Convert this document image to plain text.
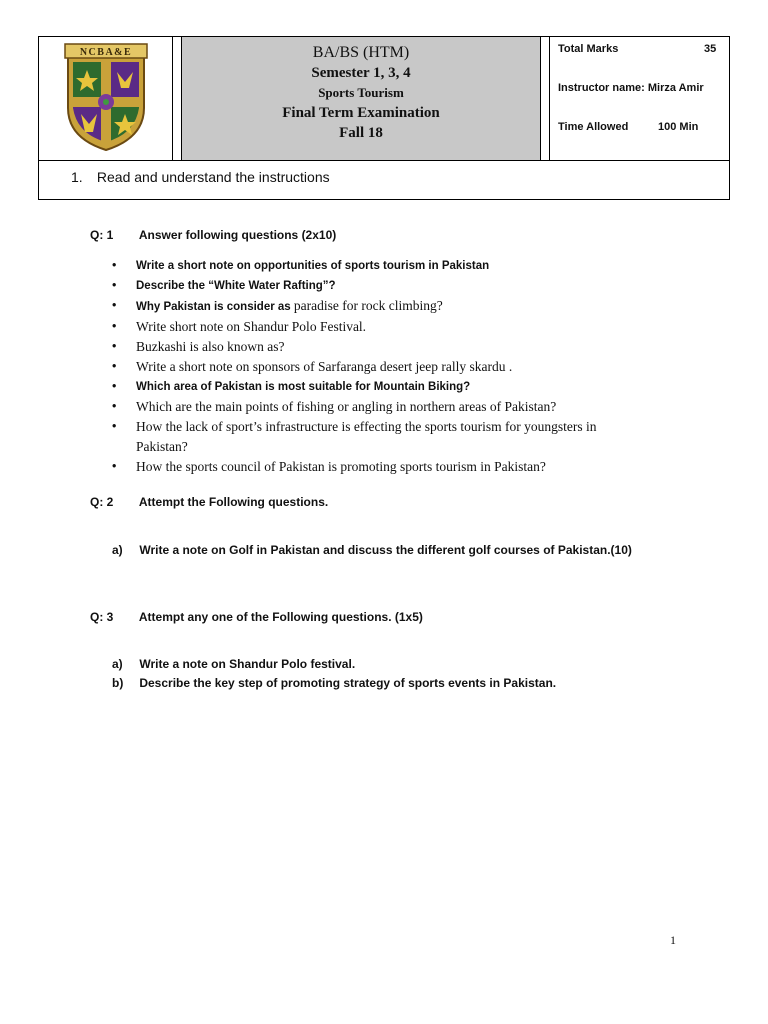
NCBA&E	BA/BS (HTM)
Semester 1, 3, 4
Sports Tourism
Final Term Examination
Fall 18
Total Marks	35
Instructor name: Mirza Amir
Time Allowed	100 Min
1. Read and understand the instructions
Q: 1 Answer following questions (2x10)
• Write a short note on opportunities of sports tourism in Pakistan
• Describe the “White Water Rafting”?
• Why Pakistan is consider as paradise for rock climbing?
• Write short note on Shandur Polo Festival.
• Buzkashi is also known as?
• Write a short note on sponsors of Sarfaranga desert jeep rally skardu .
• Which area of Pakistan is most suitable for Mountain Biking?
• Which are the main points of fishing or angling in northern areas of Pakistan?
• How the lack of sport’s infrastructure is effecting the sports tourism for youngsters in Pakistan?
• How the sports council of Pakistan is promoting sports tourism in Pakistan?
Q: 2 Attempt the Following questions.
a) Write a note on Golf in Pakistan and discuss the different golf courses of Pakistan.(10)
Q: 3 Attempt any one of the Following questions. (1x5)
a) Write a note on Shandur Polo festival.
b) Describe the key step of promoting strategy of sports events in Pakistan.
1
